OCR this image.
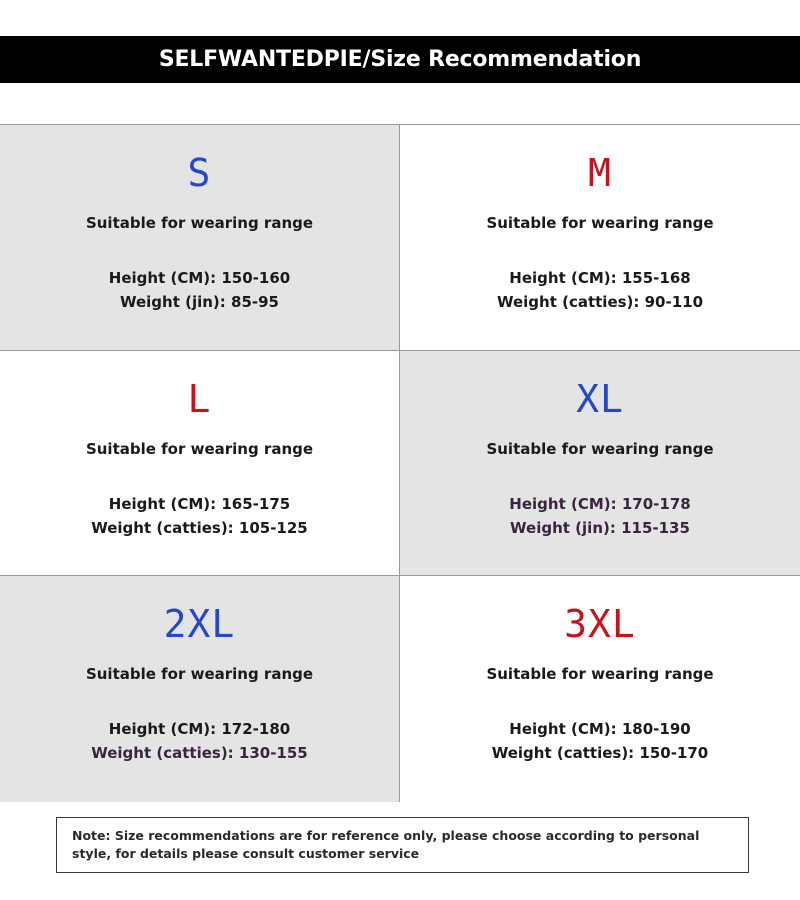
SELFWANTEDPIE/Size Recommendation
S
Suitable for wearing range
Height (CM): 150-160
Weight (jin): 85-95
M
Suitable for wearing range
Height (CM): 155-168
Weight (catties): 90-110
L
Suitable for wearing range
Height (CM): 165-175
Weight (catties): 105-125
XL
Suitable for wearing range
Height (CM): 170-178
Weight (jin): 115-135
2XL
Suitable for wearing range
Height (CM): 172-180
Weight (catties): 130-155
3XL
Suitable for wearing range
Height (CM): 180-190
Weight (catties): 150-170
Note: Size recommendations are for reference only, please choose according to personal style, for details please consult customer service
